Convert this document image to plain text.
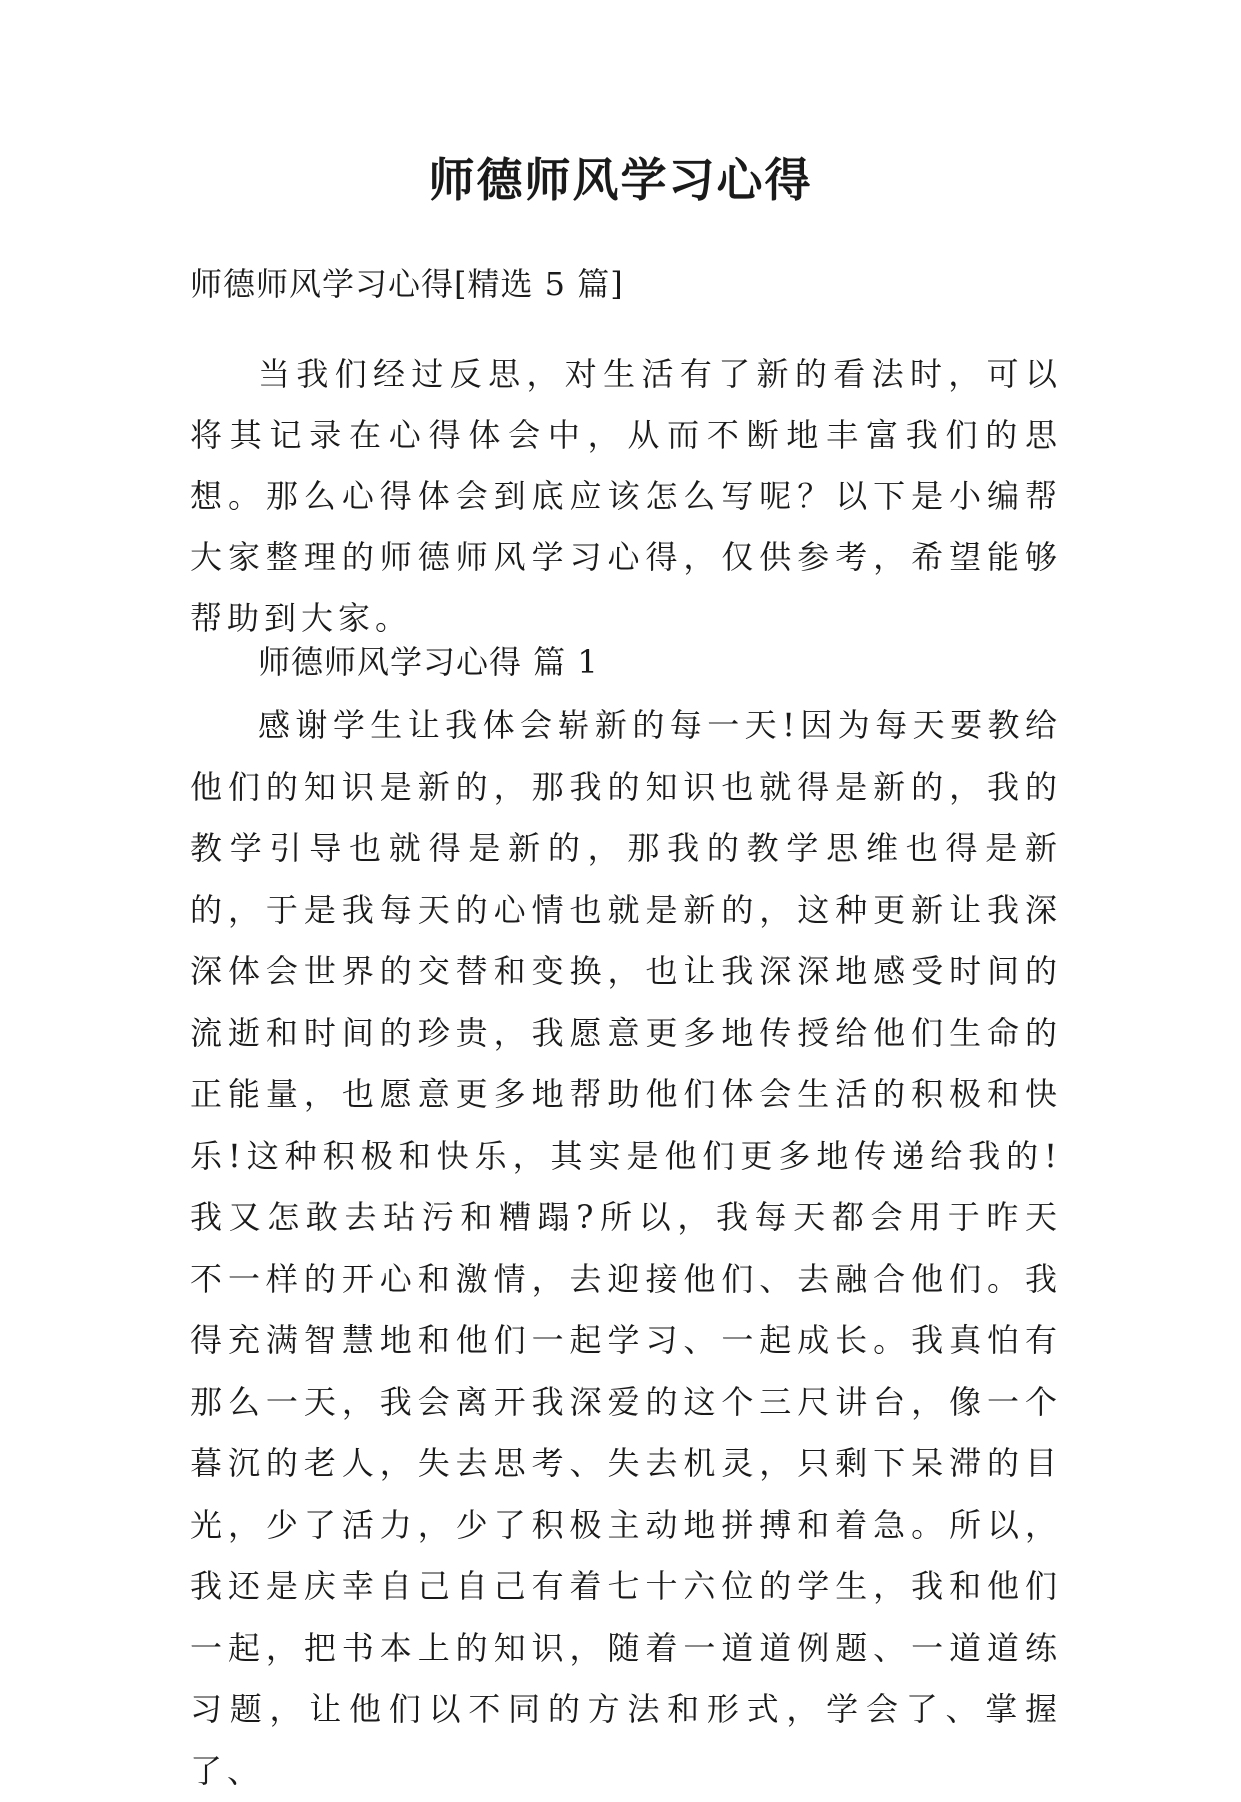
师德师风学习心得

师德师风学习心得[精选 5 篇]

当我们经过反思，对生活有了新的看法时，可以将其记录在心得体会中，从而不断地丰富我们的思想。那么心得体会到底应该怎么写呢？以下是小编帮大家整理的师德师风学习心得，仅供参考，希望能够帮助到大家。

师德师风学习心得 篇 1

感谢学生让我体会崭新的每一天!因为每天要教给他们的知识是新的，那我的知识也就得是新的，我的教学引导也就得是新的，那我的教学思维也得是新的，于是我每天的心情也就是新的，这种更新让我深深体会世界的交替和变换，也让我深深地感受时间的流逝和时间的珍贵，我愿意更多地传授给他们生命的正能量，也愿意更多地帮助他们体会生活的积极和快乐!这种积极和快乐，其实是他们更多地传递给我的!我又怎敢去玷污和糟蹋?所以，我每天都会用于昨天不一样的开心和激情，去迎接他们、去融合他们。我得充满智慧地和他们一起学习、一起成长。我真怕有那么一天，我会离开我深爱的这个三尺讲台，像一个暮沉的老人，失去思考、失去机灵，只剩下呆滞的目光，少了活力，少了积极主动地拼搏和着急。所以，我还是庆幸自己自己有着七十六位的学生，我和他们一起，把书本上的知识，随着一道道例题、一道道练习题，让他们以不同的方法和形式，学会了、掌握了、
